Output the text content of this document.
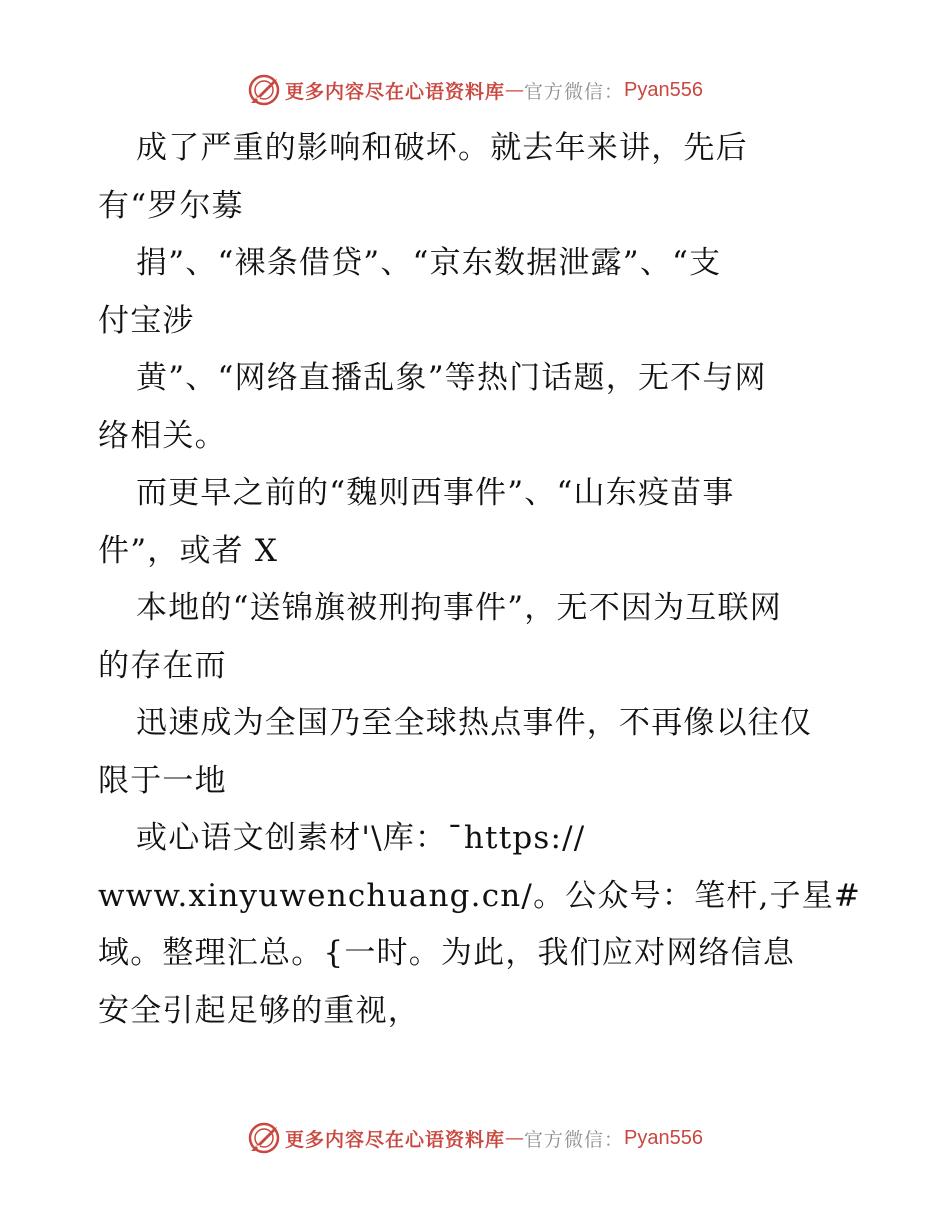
更多内容尽在心语资料库 — 官方微信： Pyan556
成了严重的影响和破坏。就去年来讲，先后
有“罗尔募
捐”、“裸条借贷”、“京东数据泄露”、“支
付宝涉
黄”、“网络直播乱象”等热门话题，无不与网
络相关。
而更早之前的“魏则西事件”、“山东疫苗事
件”，或者 X
本地的“送锦旗被刑拘事件”，无不因为互联网
的存在而
迅速成为全国乃至全球热点事件，不再像以往仅
限于一地
或心语文创素材'\库：¯https://
www.xinyuwenchuang.cn/。公众号：笔杆,子星#
域。整理汇总。{一时。为此，我们应对网络信息
安全引起足够的重视，
更多内容尽在心语资料库 — 官方微信： Pyan556
